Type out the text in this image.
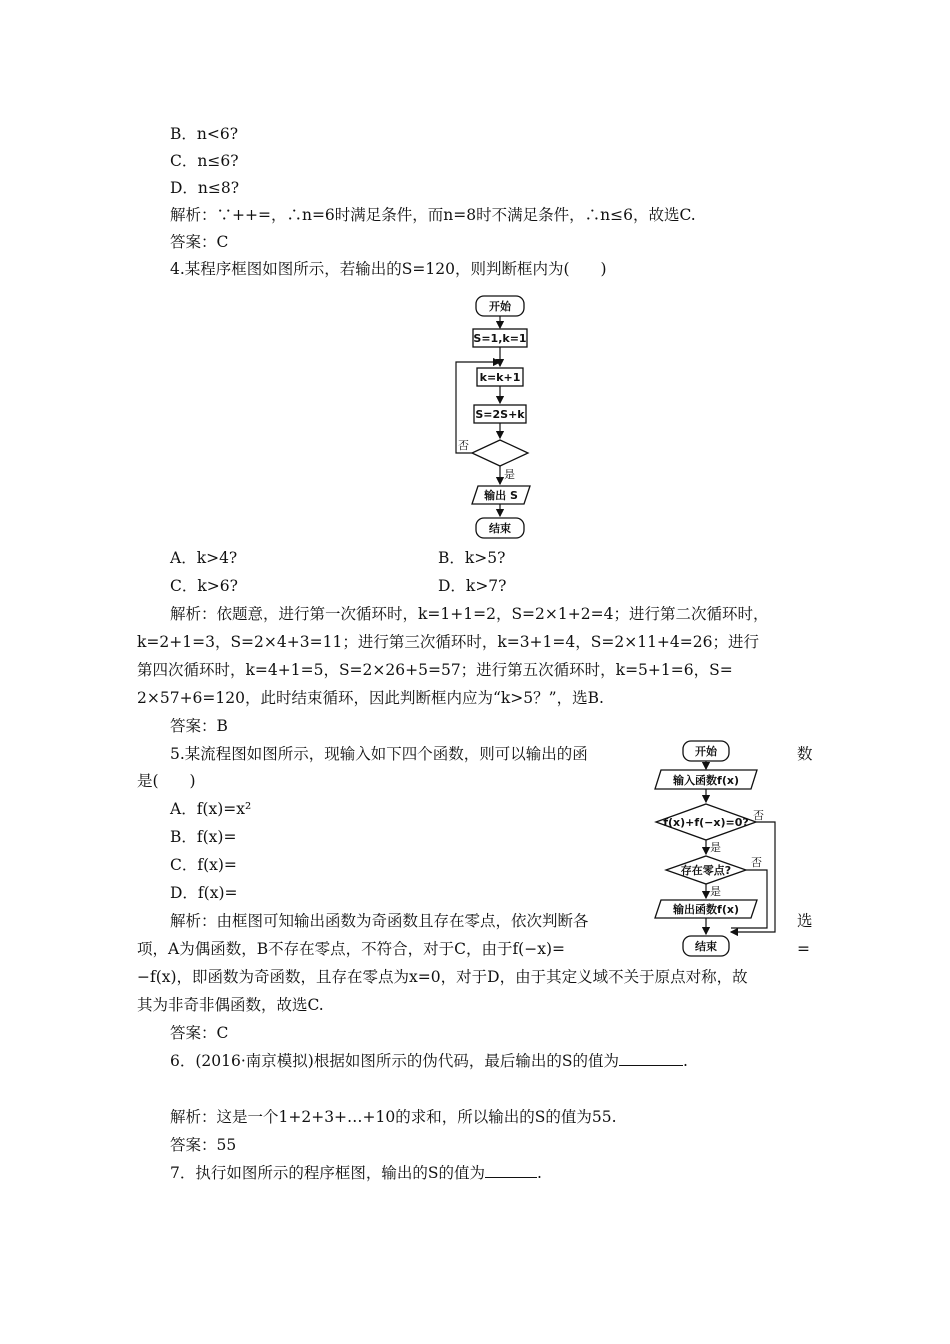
B．n<6?
C．n≤6?
D．n≤8?
解析：∵++=，∴n=6时满足条件，而n=8时不满足条件，∴n≤6，故选C.
答案：C
4.某程序框图如图所示，若输出的S=120，则判断框内为(　　)
开始
S=1,k=1
k=k+1
S=2S+k
否
是
输出 S
结束
A．k>4?	B．k>5?
C．k>6?	D．k>7?
解析：依题意，进行第一次循环时，k=1+1=2，S=2×1+2=4；进行第二次循环时，
k=2+1=3，S=2×4+3=11；进行第三次循环时，k=3+1=4，S=2×11+4=26；进行
第四次循环时，k=4+1=5，S=2×26+5=57；进行第五次循环时，k=5+1=6，S=
2×57+6=120，此时结束循环，因此判断框内应为“k>5？”，选B.
答案：B
5.某流程图如图所示，现输入如下四个函数，则可以输出的函	数
是(　　)
A．f(x)=x²
B．f(x)=
C．f(x)=
D．f(x)=
开始
输入函数f(x)
f(x)+f(−x)=0?
否
是
存在零点?
否
是
输出函数f(x)
结束
解析：由框图可知输出函数为奇函数且存在零点，依次判断各	选
项，A为偶函数，B不存在零点，不符合，对于C，由于f(−x)=	=
−f(x)，即函数为奇函数，且存在零点为x=0，对于D，由于其定义域不关于原点对称，故
其为非奇非偶函数，故选C.
答案：C
6．(2016·南京模拟)根据如图所示的伪代码，最后输出的S的值为	.
解析：这是一个1+2+3+…+10的求和，所以输出的S的值为55.
答案：55
7．执行如图所示的程序框图，输出的S的值为	.
